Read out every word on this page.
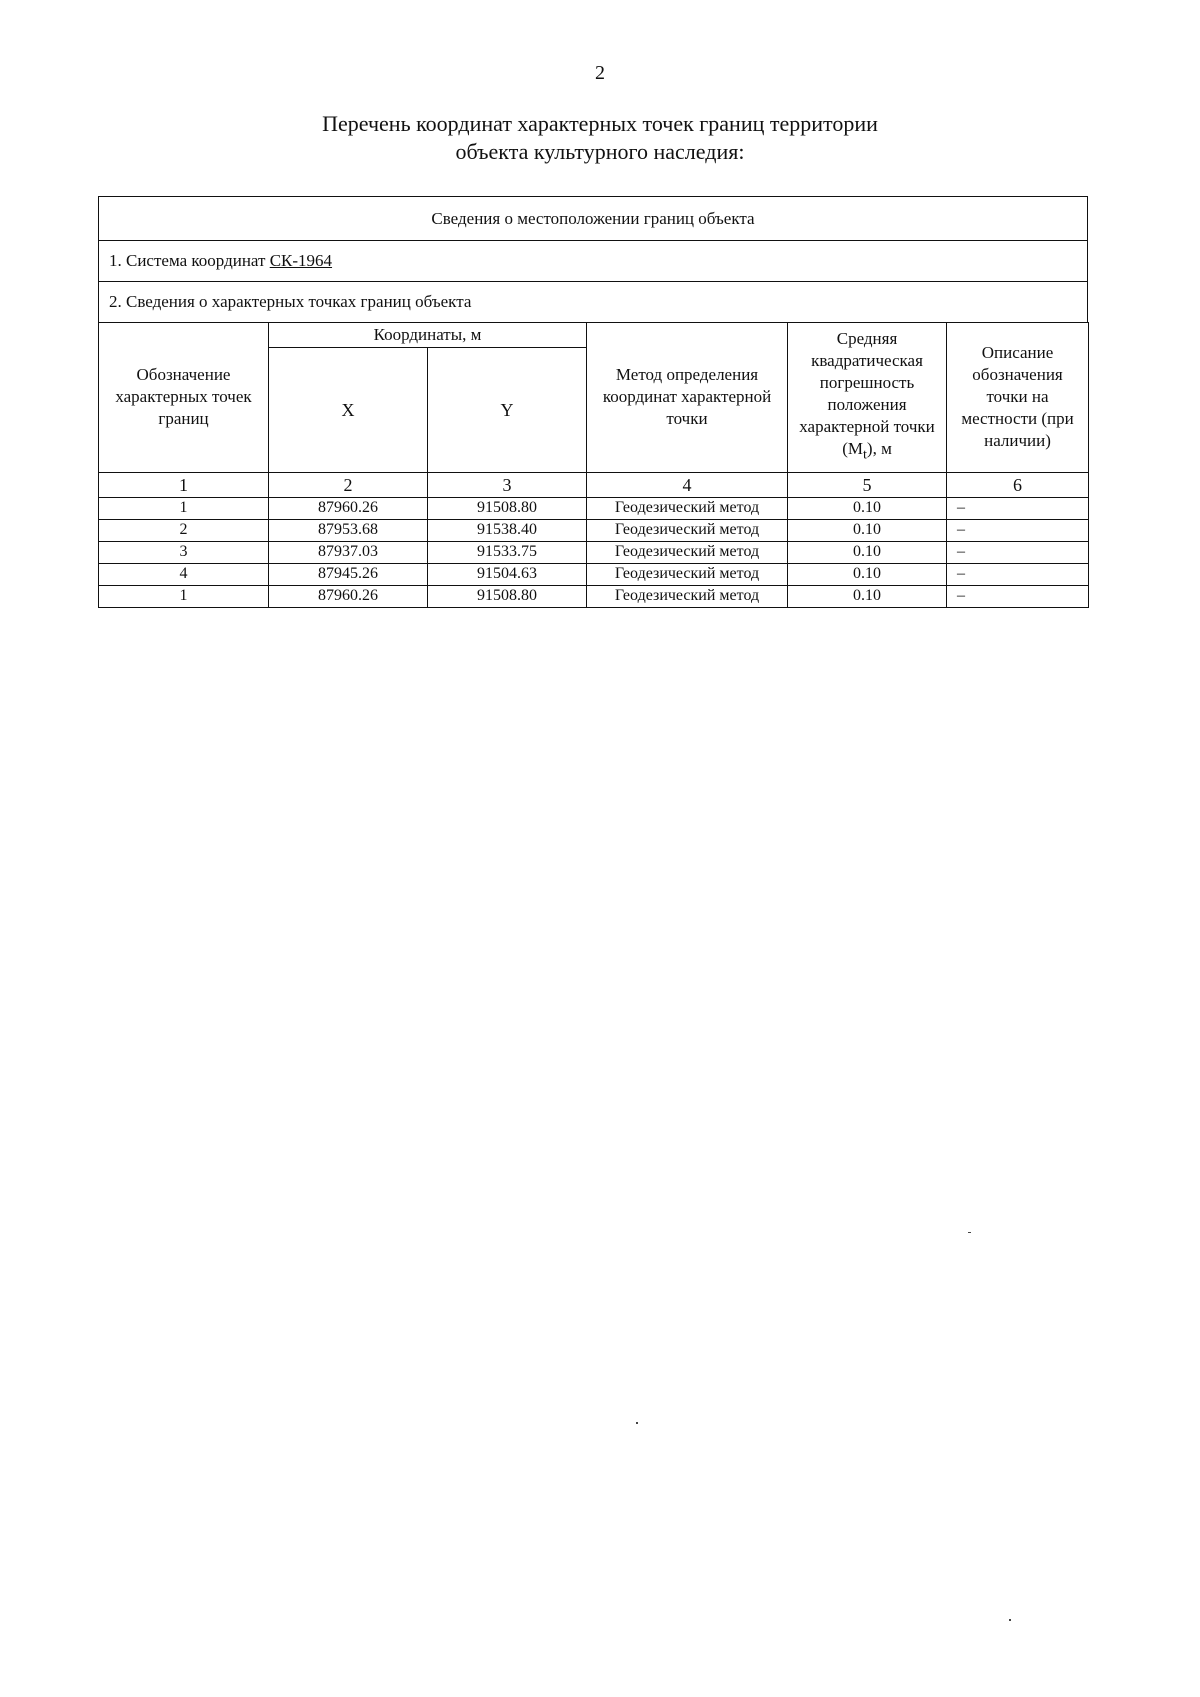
2
Перечень координат характерных точек границ территории
объекта культурного наследия:
Сведения о местоположении границ объекта
1. Система координат СК-1964
2. Сведения о характерных точках границ объекта
Обозначение характерных точек границ	Координаты, м		Метод определения координат характерной точки	Средняя квадратическая погрешность положения характерной точки $(M_t)$, м	Описание обозначения точки на местности (при наличии)

	X	Y			
1	2	3	4	5	6
1	87960.26	91508.80	Геодезический метод	0.10	–
2	87953.68	91538.40	Геодезический метод	0.10	–
3	87937.03	91533.75	Геодезический метод	0.10	–
4	87945.26	91504.63	Геодезический метод	0.10	–
1	87960.26	91508.80	Геодезический метод	0.10	–
